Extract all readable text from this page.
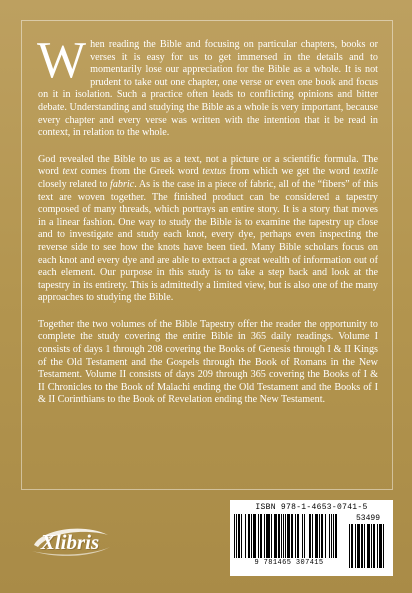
When reading the Bible and focusing on particular chapters, books or verses it is easy for us to get immersed in the details and to momentarily lose our appreciation for the Bible as a whole. It is not prudent to take out one chapter, one verse or even one book and focus on it in isolation. Such a practice often leads to conflicting opinions and bitter debate. Understanding and studying the Bible as a whole is very important, because every chapter and every verse was written with the intention that it be read in context, in relation to the whole.

God revealed the Bible to us as a text, not a picture or a scientific formula. The word text comes from the Greek word textus from which we get the word textile closely related to fabric. As is the case in a piece of fabric, all of the “fibers” of this text are woven together. The finished product can be considered a tapestry composed of many threads, which portrays an entire story. It is a story that moves in a linear fashion. One way to study the Bible is to examine the tapestry up close and to investigate and study each knot, every dye, perhaps even inspecting the reverse side to see how the knots have been tied. Many Bible scholars focus on each knot and every dye and are able to extract a great wealth of information out of each element. Our purpose in this study is to take a step back and look at the tapestry in its entirety. This is admittedly a limited view, but is also one of the many approaches to studying the Bible.

Together the two volumes of the Bible Tapestry offer the reader the opportunity to complete the study covering the entire Bible in 365 daily readings. Volume I consists of days 1 through 208 covering the Books of Genesis through I & II Kings of the Old Testament and the Gospels through the Book of Romans in the New Testament. Volume II consists of days 209 through 365 covering the Books of I & II Chronicles to the Book of Malachi ending the Old Testament and the Books of I & II Corinthians to the Book of Revelation ending the New Testament.

Xlibris
ISBN 978-1-4653-0741-5
53499
9 781465 307415
